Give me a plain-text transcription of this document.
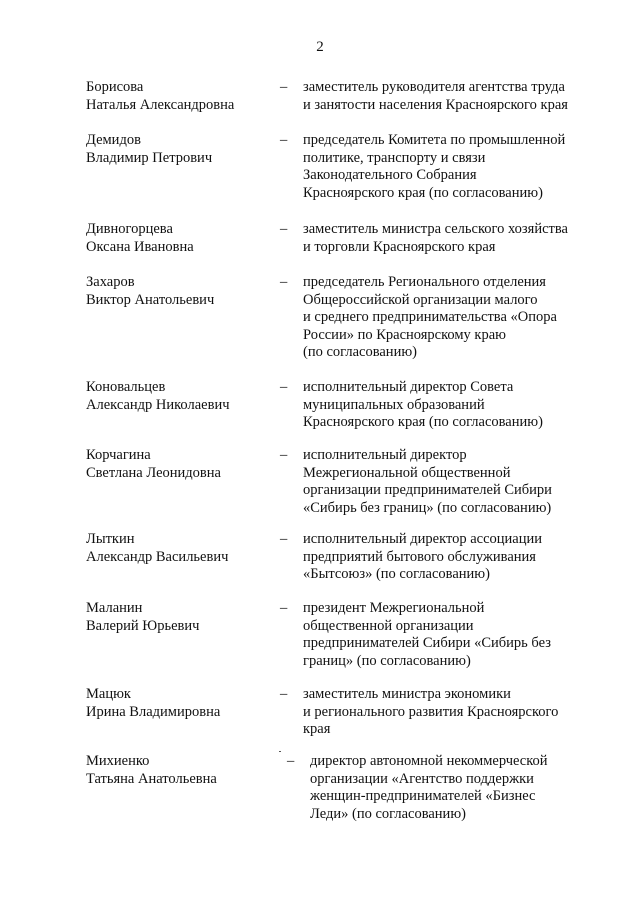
2
Борисова
Наталья Александровна
– заместитель руководителя агентства труда
и занятости населения Красноярского края
Демидов
Владимир Петрович
– председатель Комитета по промышленной
политике, транспорту и связи
Законодательного Собрания
Красноярского края (по согласованию)
Дивногорцева
Оксана Ивановна
– заместитель министра сельского хозяйства
и торговли Красноярского края
Захаров
Виктор Анатольевич
– председатель Регионального отделения
Общероссийской организации малого
и среднего предпринимательства «Опора
России» по Красноярскому краю
(по согласованию)
Коновальцев
Александр Николаевич
– исполнительный директор Совета
муниципальных образований
Красноярского края (по согласованию)
Корчагина
Светлана Леонидовна
– исполнительный директор
Межрегиональной общественной
организации предпринимателей Сибири
«Сибирь без границ» (по согласованию)
Лыткин
Александр Васильевич
– исполнительный директор ассоциации
предприятий бытового обслуживания
«Бытсоюз» (по согласованию)
Маланин
Валерий Юрьевич
– президент Межрегиональной
общественной организации
предпринимателей Сибири «Сибирь без
границ» (по согласованию)
Мацюк
Ирина Владимировна
– заместитель министра экономики
и регионального развития Красноярского
края
Михиенко
Татьяна Анатольевна
– директор автономной некоммерческой
организации «Агентство поддержки
женщин-предпринимателей «Бизнес
Леди» (по согласованию)
